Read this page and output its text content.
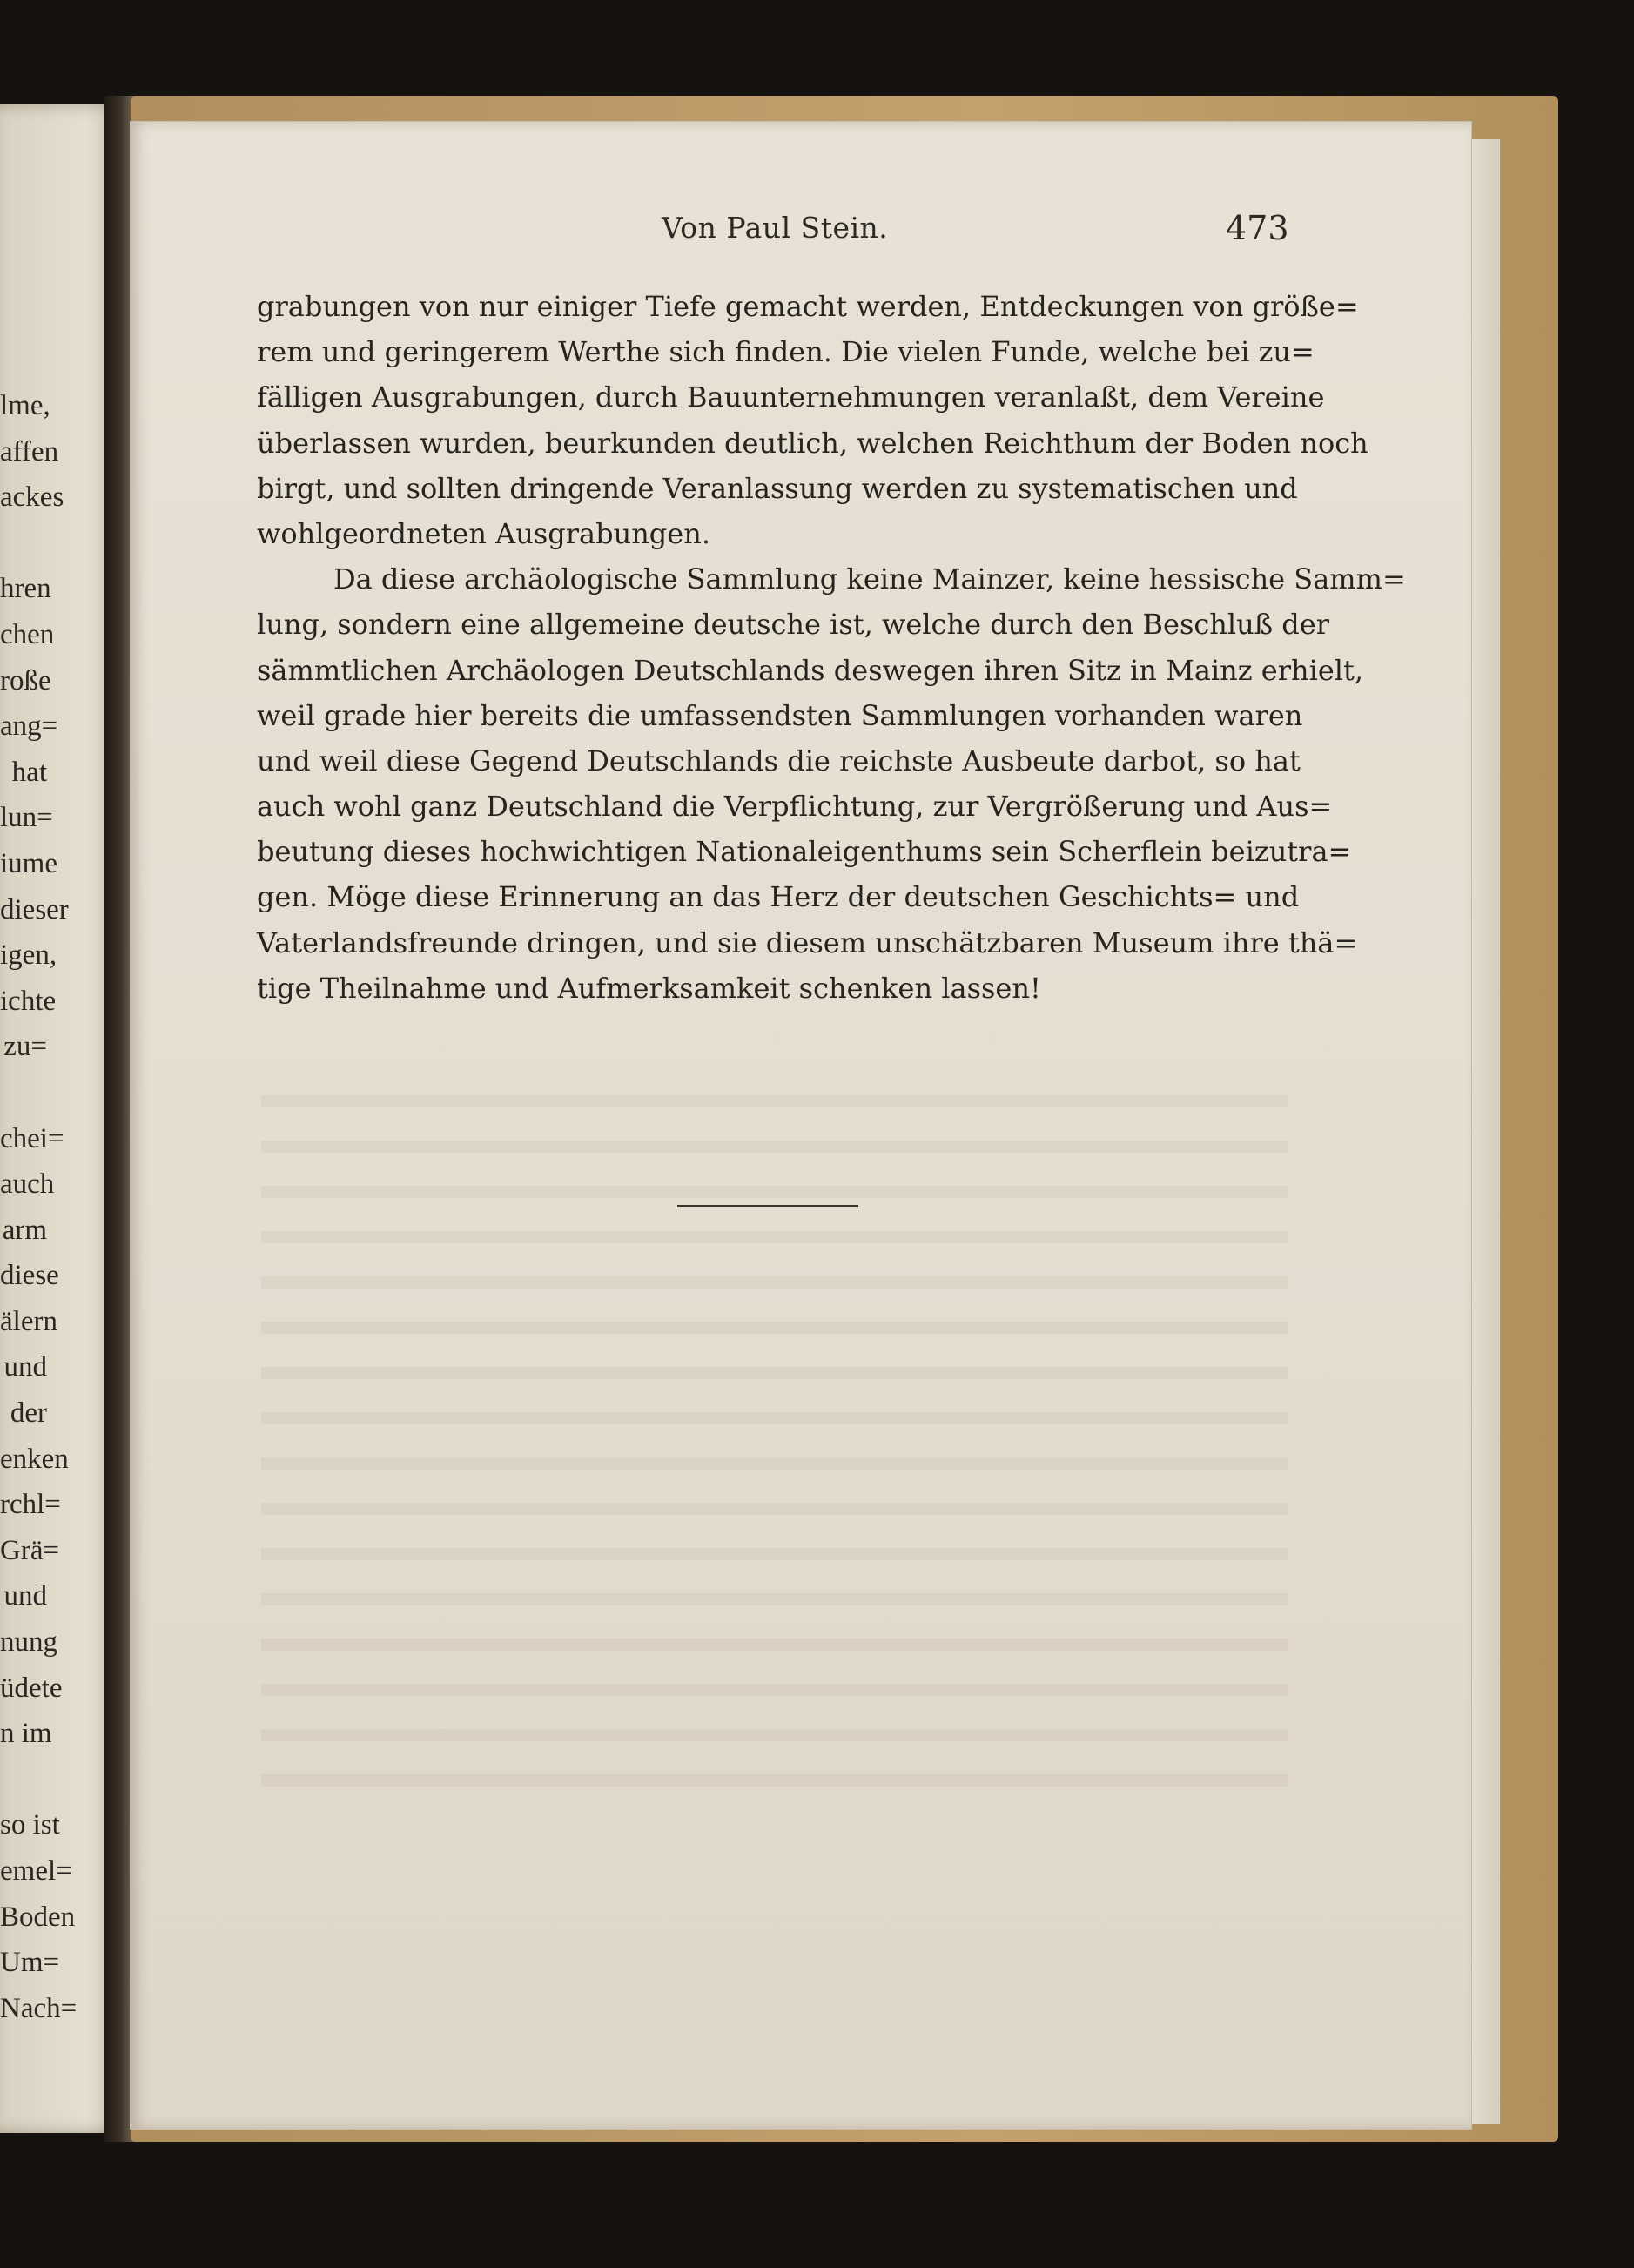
lme,
affen
ackes
hren
chen
roße
ang=
hat
lun=
iume
dieser
igen,
ichte
zu=
chei=
auch
arm
diese
älern
und
der
enken
rchl=
Grä=
und
nung
üdete
n im
so ist
emel=
Boden
Um=
Nach=
Von Paul Stein.	473
grabungen von nur einiger Tiefe gemacht werden, Entdeckungen von größe=
rem und geringerem Werthe sich finden. Die vielen Funde, welche bei zu=
fälligen Ausgrabungen, durch Bauunternehmungen veranlaßt, dem Vereine
überlassen wurden, beurkunden deutlich, welchen Reichthum der Boden noch
birgt, und sollten dringende Veranlassung werden zu systematischen und
wohlgeordneten Ausgrabungen.
Da diese archäologische Sammlung keine Mainzer, keine hessische Samm=
lung, sondern eine allgemeine deutsche ist, welche durch den Beschluß der
sämmtlichen Archäologen Deutschlands deswegen ihren Sitz in Mainz erhielt,
weil grade hier bereits die umfassendsten Sammlungen vorhanden waren
und weil diese Gegend Deutschlands die reichste Ausbeute darbot, so hat
auch wohl ganz Deutschland die Verpflichtung, zur Vergrößerung und Aus=
beutung dieses hochwichtigen Nationaleigenthums sein Scherflein beizutra=
gen. Möge diese Erinnerung an das Herz der deutschen Geschichts= und
Vaterlandsfreunde dringen, und sie diesem unschätzbaren Museum ihre thä=
tige Theilnahme und Aufmerksamkeit schenken lassen!
